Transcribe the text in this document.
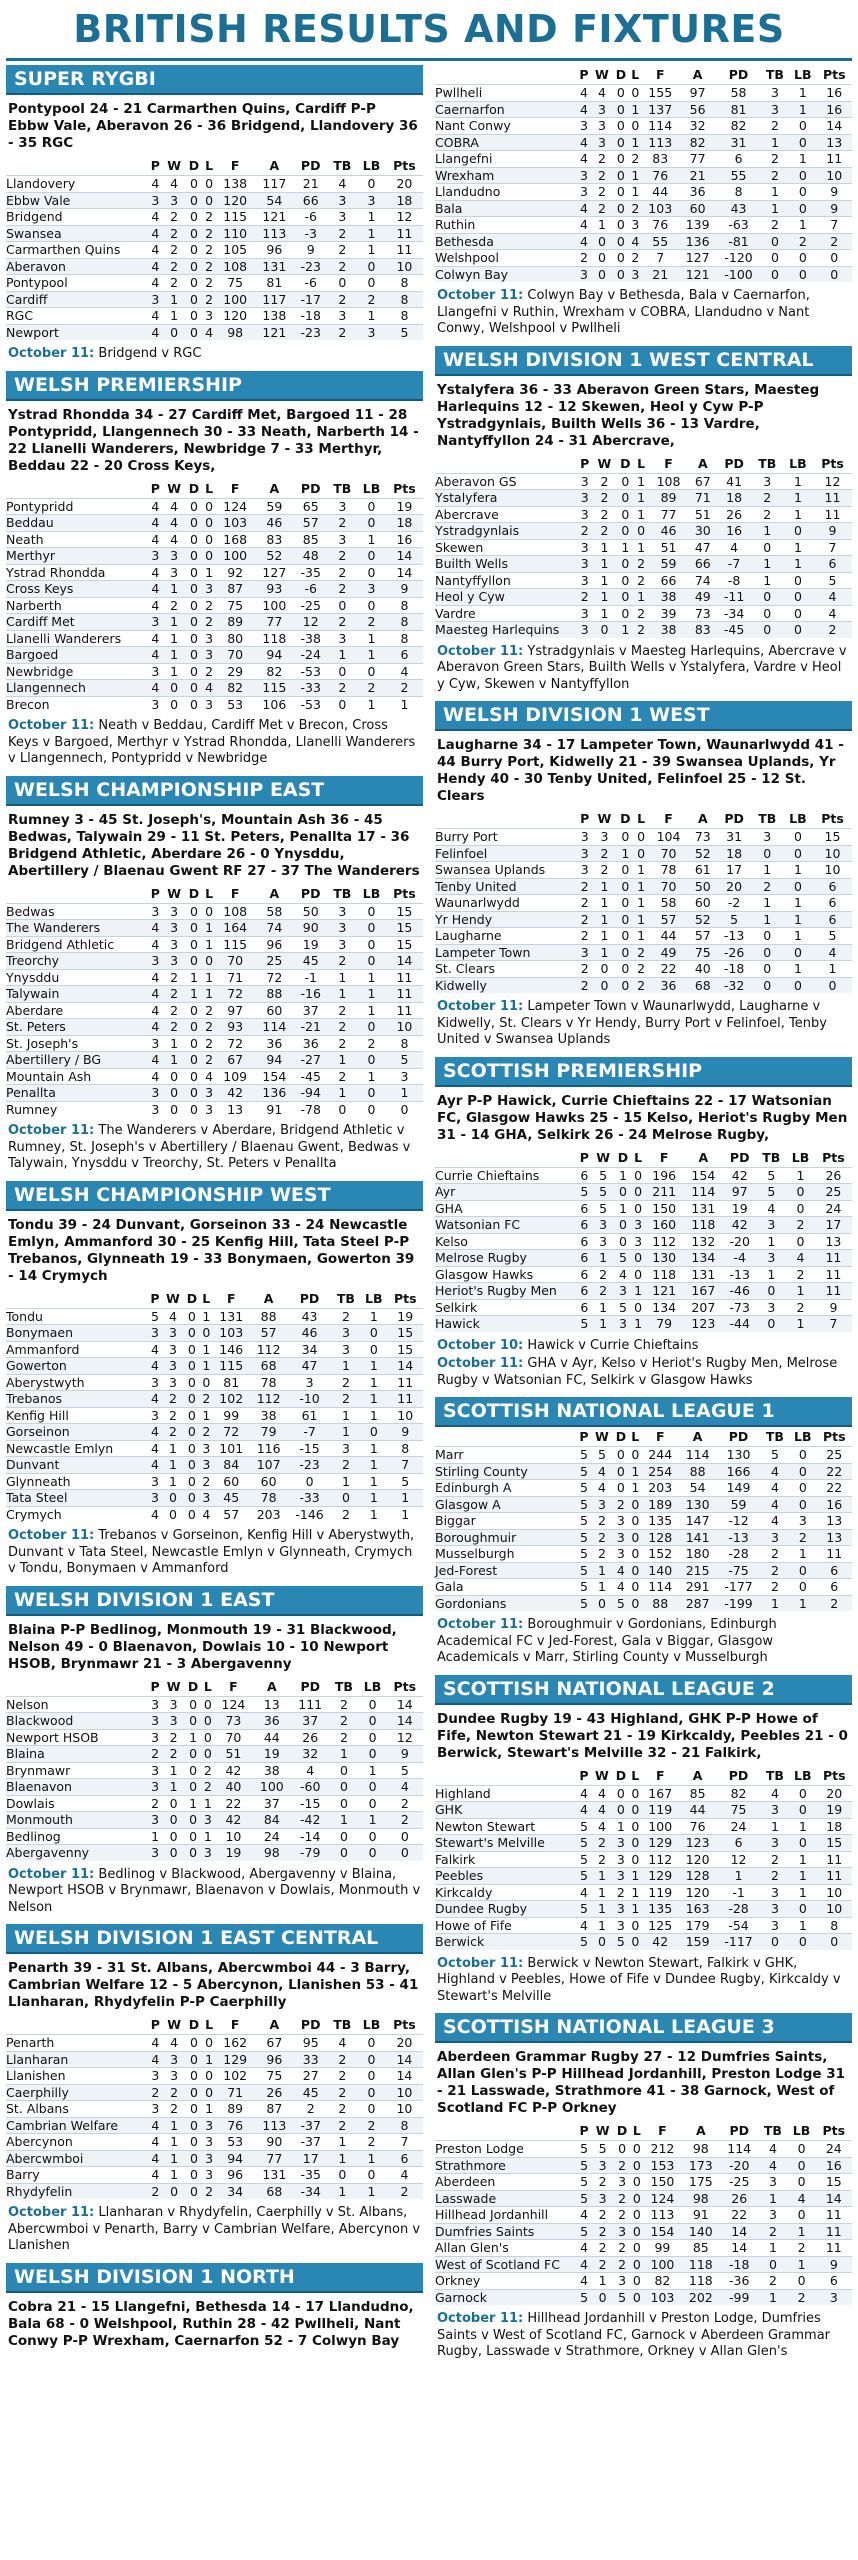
BRITISH RESULTS AND FIXTURES
SUPER RYGBI
Pontypool 24 - 21 Carmarthen Quins, Cardiff P-P Ebbw Vale, Aberavon 26 - 36 Bridgend, Llandovery 36 - 35 RGC
	P	W	D	L	F	A	PD	TB	LB	Pts
Llandovery	4	4	0	0	138	117	21	4	0	20
Ebbw Vale	3	3	0	0	120	54	66	3	3	18
Bridgend	4	2	0	2	115	121	-6	3	1	12
Swansea	4	2	0	2	110	113	-3	2	1	11
Carmarthen Quins	4	2	0	2	105	96	9	2	1	11
Aberavon	4	2	0	2	108	131	-23	2	0	10
Pontypool	4	2	0	2	75	81	-6	0	0	8
Cardiff	3	1	0	2	100	117	-17	2	2	8
RGC	4	1	0	3	120	138	-18	3	1	8
Newport	4	0	0	4	98	121	-23	2	3	5
October 11: Bridgend v RGC
WELSH PREMIERSHIP
Ystrad Rhondda 34 - 27 Cardiff Met, Bargoed 11 - 28 Pontypridd, Llangennech 30 - 33 Neath, Narberth 14 - 22 Llanelli Wanderers, Newbridge 7 - 33 Merthyr, Beddau 22 - 20 Cross Keys,
	P	W	D	L	F	A	PD	TB	LB	Pts
Pontypridd	4	4	0	0	124	59	65	3	0	19
Beddau	4	4	0	0	103	46	57	2	0	18
Neath	4	4	0	0	168	83	85	3	1	16
Merthyr	3	3	0	0	100	52	48	2	0	14
Ystrad Rhondda	4	3	0	1	92	127	-35	2	0	14
Cross Keys	4	1	0	3	87	93	-6	2	3	9
Narberth	4	2	0	2	75	100	-25	0	0	8
Cardiff Met	3	1	0	2	89	77	12	2	2	8
Llanelli Wanderers	4	1	0	3	80	118	-38	3	1	8
Bargoed	4	1	0	3	70	94	-24	1	1	6
Newbridge	3	1	0	2	29	82	-53	0	0	4
Llangennech	4	0	0	4	82	115	-33	2	2	2
Brecon	3	0	0	3	53	106	-53	0	1	1
October 11: Neath v Beddau, Cardiff Met v Brecon, Cross Keys v Bargoed, Merthyr v Ystrad Rhondda, Llanelli Wanderers v Llangennech, Pontypridd v Newbridge
WELSH CHAMPIONSHIP EAST
Rumney 3 - 45 St. Joseph's, Mountain Ash 36 - 45 Bedwas, Talywain 29 - 11 St. Peters, Penallta 17 - 36 Bridgend Athletic, Aberdare 26 - 0 Ynysddu, Abertillery / Blaenau Gwent RF 27 - 37 The Wanderers
	P	W	D	L	F	A	PD	TB	LB	Pts
Bedwas	3	3	0	0	108	58	50	3	0	15
The Wanderers	4	3	0	1	164	74	90	3	0	15
Bridgend Athletic	4	3	0	1	115	96	19	3	0	15
Treorchy	3	3	0	0	70	25	45	2	0	14
Ynysddu	4	2	1	1	71	72	-1	1	1	11
Talywain	4	2	1	1	72	88	-16	1	1	11
Aberdare	4	2	0	2	97	60	37	2	1	11
St. Peters	4	2	0	2	93	114	-21	2	0	10
St. Joseph's	3	1	0	2	72	36	36	2	2	8
Abertillery / BG	4	1	0	2	67	94	-27	1	0	5
Mountain Ash	4	0	0	4	109	154	-45	2	1	3
Penallta	3	0	0	3	42	136	-94	1	0	1
Rumney	3	0	0	3	13	91	-78	0	0	0
October 11: The Wanderers v Aberdare, Bridgend Athletic v Rumney, St. Joseph's v Abertillery / Blaenau Gwent, Bedwas v Talywain, Ynysddu v Treorchy, St. Peters v Penallta
WELSH CHAMPIONSHIP WEST
Tondu 39 - 24 Dunvant, Gorseinon 33 - 24 Newcastle Emlyn, Ammanford 30 - 25 Kenfig Hill, Tata Steel P-P Trebanos, Glynneath 19 - 33 Bonymaen, Gowerton 39 - 14 Crymych
	P	W	D	L	F	A	PD	TB	LB	Pts
Tondu	5	4	0	1	131	88	43	2	1	19
Bonymaen	3	3	0	0	103	57	46	3	0	15
Ammanford	4	3	0	1	146	112	34	3	0	15
Gowerton	4	3	0	1	115	68	47	1	1	14
Aberystwyth	3	3	0	0	81	78	3	2	1	11
Trebanos	4	2	0	2	102	112	-10	2	1	11
Kenfig Hill	3	2	0	1	99	38	61	1	1	10
Gorseinon	4	2	0	2	72	79	-7	1	0	9
Newcastle Emlyn	4	1	0	3	101	116	-15	3	1	8
Dunvant	4	1	0	3	84	107	-23	2	1	7
Glynneath	3	1	0	2	60	60	0	1	1	5
Tata Steel	3	0	0	3	45	78	-33	0	1	1
Crymych	4	0	0	4	57	203	-146	2	1	1
October 11: Trebanos v Gorseinon, Kenfig Hill v Aberystwyth, Dunvant v Tata Steel, Newcastle Emlyn v Glynneath, Crymych v Tondu, Bonymaen v Ammanford
WELSH DIVISION 1 EAST
Blaina P-P Bedlinog, Monmouth 19 - 31 Blackwood, Nelson 49 - 0 Blaenavon, Dowlais 10 - 10 Newport HSOB, Brynmawr 21 - 3 Abergavenny
	P	W	D	L	F	A	PD	TB	LB	Pts
Nelson	3	3	0	0	124	13	111	2	0	14
Blackwood	3	3	0	0	73	36	37	2	0	14
Newport HSOB	3	2	1	0	70	44	26	2	0	12
Blaina	2	2	0	0	51	19	32	1	0	9
Brynmawr	3	1	0	2	42	38	4	0	1	5
Blaenavon	3	1	0	2	40	100	-60	0	0	4
Dowlais	2	0	1	1	22	37	-15	0	0	2
Monmouth	3	0	0	3	42	84	-42	1	1	2
Bedlinog	1	0	0	1	10	24	-14	0	0	0
Abergavenny	3	0	0	3	19	98	-79	0	0	0
October 11: Bedlinog v Blackwood, Abergavenny v Blaina, Newport HSOB v Brynmawr, Blaenavon v Dowlais, Monmouth v Nelson
WELSH DIVISION 1 EAST CENTRAL
Penarth 39 - 31 St. Albans, Abercwmboi 44 - 3 Barry, Cambrian Welfare 12 - 5 Abercynon, Llanishen 53 - 41 Llanharan, Rhydyfelin P-P Caerphilly
	P	W	D	L	F	A	PD	TB	LB	Pts
Penarth	4	4	0	0	162	67	95	4	0	20
Llanharan	4	3	0	1	129	96	33	2	0	14
Llanishen	3	3	0	0	102	75	27	2	0	14
Caerphilly	2	2	0	0	71	26	45	2	0	10
St. Albans	3	2	0	1	89	87	2	2	0	10
Cambrian Welfare	4	1	0	3	76	113	-37	2	2	8
Abercynon	4	1	0	3	53	90	-37	1	2	7
Abercwmboi	4	1	0	3	94	77	17	1	1	6
Barry	4	1	0	3	96	131	-35	0	0	4
Rhydyfelin	2	0	0	2	34	68	-34	1	1	2
October 11: Llanharan v Rhydyfelin, Caerphilly v St. Albans, Abercwmboi v Penarth, Barry v Cambrian Welfare, Abercynon v Llanishen
WELSH DIVISION 1 NORTH
Cobra 21 - 15 Llangefni, Bethesda 14 - 17 Llandudno, Bala 68 - 0 Welshpool, Ruthin 28 - 42 Pwllheli, Nant Conwy P-P Wrexham, Caernarfon 52 - 7 Colwyn Bay
	P	W	D	L	F	A	PD	TB	LB	Pts
Pwllheli	4	4	0	0	155	97	58	3	1	16
Caernarfon	4	3	0	1	137	56	81	3	1	16
Nant Conwy	3	3	0	0	114	32	82	2	0	14
COBRA	4	3	0	1	113	82	31	1	0	13
Llangefni	4	2	0	2	83	77	6	2	1	11
Wrexham	3	2	0	1	76	21	55	2	0	10
Llandudno	3	2	0	1	44	36	8	1	0	9
Bala	4	2	0	2	103	60	43	1	0	9
Ruthin	4	1	0	3	76	139	-63	2	1	7
Bethesda	4	0	0	4	55	136	-81	0	2	2
Welshpool	2	0	0	2	7	127	-120	0	0	0
Colwyn Bay	3	0	0	3	21	121	-100	0	0	0
October 11: Colwyn Bay v Bethesda, Bala v Caernarfon, Llangefni v Ruthin, Wrexham v COBRA, Llandudno v Nant Conwy, Welshpool v Pwllheli
WELSH DIVISION 1 WEST CENTRAL
Ystalyfera 36 - 33 Aberavon Green Stars, Maesteg Harlequins 12 - 12 Skewen, Heol y Cyw P-P Ystradgynlais, Builth Wells 36 - 13 Vardre, Nantyffyllon 24 - 31 Abercrave,
	P	W	D	L	F	A	PD	TB	LB	Pts
Aberavon GS	3	2	0	1	108	67	41	3	1	12
Ystalyfera	3	2	0	1	89	71	18	2	1	11
Abercrave	3	2	0	1	77	51	26	2	1	11
Ystradgynlais	2	2	0	0	46	30	16	1	0	9
Skewen	3	1	1	1	51	47	4	0	1	7
Builth Wells	3	1	0	2	59	66	-7	1	1	6
Nantyffyllon	3	1	0	2	66	74	-8	1	0	5
Heol y Cyw	2	1	0	1	38	49	-11	0	0	4
Vardre	3	1	0	2	39	73	-34	0	0	4
Maesteg Harlequins	3	0	1	2	38	83	-45	0	0	2
October 11: Ystradgynlais v Maesteg Harlequins, Abercrave v Aberavon Green Stars, Builth Wells v Ystalyfera, Vardre v Heol y Cyw, Skewen v Nantyffyllon
WELSH DIVISION 1 WEST
Laugharne 34 - 17 Lampeter Town, Waunarlwydd 41 - 44 Burry Port, Kidwelly 21 - 39 Swansea Uplands, Yr Hendy 40 - 30 Tenby United, Felinfoel 25 - 12 St. Clears
	P	W	D	L	F	A	PD	TB	LB	Pts
Burry Port	3	3	0	0	104	73	31	3	0	15
Felinfoel	3	2	1	0	70	52	18	0	0	10
Swansea Uplands	3	2	0	1	78	61	17	1	1	10
Tenby United	2	1	0	1	70	50	20	2	0	6
Waunarlwydd	2	1	0	1	58	60	-2	1	1	6
Yr Hendy	2	1	0	1	57	52	5	1	1	6
Laugharne	2	1	0	1	44	57	-13	0	1	5
Lampeter Town	3	1	0	2	49	75	-26	0	0	4
St. Clears	2	0	0	2	22	40	-18	0	1	1
Kidwelly	2	0	0	2	36	68	-32	0	0	0
October 11: Lampeter Town v Waunarlwydd, Laugharne v Kidwelly, St. Clears v Yr Hendy, Burry Port v Felinfoel, Tenby United v Swansea Uplands
SCOTTISH PREMIERSHIP
Ayr P-P Hawick, Currie Chieftains 22 - 17 Watsonian FC, Glasgow Hawks 25 - 15 Kelso, Heriot's Rugby Men 31 - 14 GHA, Selkirk 26 - 24 Melrose Rugby,
	P	W	D	L	F	A	PD	TB	LB	Pts
Currie Chieftains	6	5	1	0	196	154	42	5	1	26
Ayr	5	5	0	0	211	114	97	5	0	25
GHA	6	5	1	0	150	131	19	4	0	24
Watsonian FC	6	3	0	3	160	118	42	3	2	17
Kelso	6	3	0	3	112	132	-20	1	0	13
Melrose Rugby	6	1	5	0	130	134	-4	3	4	11
Glasgow Hawks	6	2	4	0	118	131	-13	1	2	11
Heriot's Rugby Men	6	2	3	1	121	167	-46	0	1	11
Selkirk	6	1	5	0	134	207	-73	3	2	9
Hawick	5	1	3	1	79	123	-44	0	1	7
October 10: Hawick v Currie Chieftains
October 11: GHA v Ayr, Kelso v Heriot's Rugby Men, Melrose Rugby v Watsonian FC, Selkirk v Glasgow Hawks
SCOTTISH NATIONAL LEAGUE 1
	P	W	D	L	F	A	PD	TB	LB	Pts
Marr	5	5	0	0	244	114	130	5	0	25
Stirling County	5	4	0	1	254	88	166	4	0	22
Edinburgh A	5	4	0	1	203	54	149	4	0	22
Glasgow A	5	3	2	0	189	130	59	4	0	16
Biggar	5	2	3	0	135	147	-12	4	3	13
Boroughmuir	5	2	3	0	128	141	-13	3	2	13
Musselburgh	5	2	3	0	152	180	-28	2	1	11
Jed-Forest	5	1	4	0	140	215	-75	2	0	6
Gala	5	1	4	0	114	291	-177	2	0	6
Gordonians	5	0	5	0	88	287	-199	1	1	2
October 11: Boroughmuir v Gordonians, Edinburgh Academical FC v Jed-Forest, Gala v Biggar, Glasgow Academicals v Marr, Stirling County v Musselburgh
SCOTTISH NATIONAL LEAGUE 2
Dundee Rugby 19 - 43 Highland, GHK P-P Howe of Fife, Newton Stewart 21 - 19 Kirkcaldy, Peebles 21 - 0 Berwick, Stewart's Melville 32 - 21 Falkirk,
	P	W	D	L	F	A	PD	TB	LB	Pts
Highland	4	4	0	0	167	85	82	4	0	20
GHK	4	4	0	0	119	44	75	3	0	19
Newton Stewart	5	4	1	0	100	76	24	1	1	18
Stewart's Melville	5	2	3	0	129	123	6	3	0	15
Falkirk	5	2	3	0	112	120	12	2	1	11
Peebles	5	1	3	1	129	128	1	2	1	11
Kirkcaldy	4	1	2	1	119	120	-1	3	1	10
Dundee Rugby	5	1	3	1	135	163	-28	3	0	10
Howe of Fife	4	1	3	0	125	179	-54	3	1	8
Berwick	5	0	5	0	42	159	-117	0	0	0
October 11: Berwick v Newton Stewart, Falkirk v GHK, Highland v Peebles, Howe of Fife v Dundee Rugby, Kirkcaldy v Stewart's Melville
SCOTTISH NATIONAL LEAGUE 3
Aberdeen Grammar Rugby 27 - 12 Dumfries Saints, Allan Glen's P-P Hillhead Jordanhill, Preston Lodge 31 - 21 Lasswade, Strathmore 41 - 38 Garnock, West of Scotland FC P-P Orkney
	P	W	D	L	F	A	PD	TB	LB	Pts
Preston Lodge	5	5	0	0	212	98	114	4	0	24
Strathmore	5	3	2	0	153	173	-20	4	0	16
Aberdeen	5	2	3	0	150	175	-25	3	0	15
Lasswade	5	3	2	0	124	98	26	1	4	14
Hillhead Jordanhill	4	2	2	0	113	91	22	3	0	11
Dumfries Saints	5	2	3	0	154	140	14	2	1	11
Allan Glen's	4	2	2	0	99	85	14	1	2	11
West of Scotland FC	4	2	2	0	100	118	-18	0	1	9
Orkney	4	1	3	0	82	118	-36	2	0	6
Garnock	5	0	5	0	103	202	-99	1	2	3
October 11: Hillhead Jordanhill v Preston Lodge, Dumfries Saints v West of Scotland FC, Garnock v Aberdeen Grammar Rugby, Lasswade v Strathmore, Orkney v Allan Glen's
